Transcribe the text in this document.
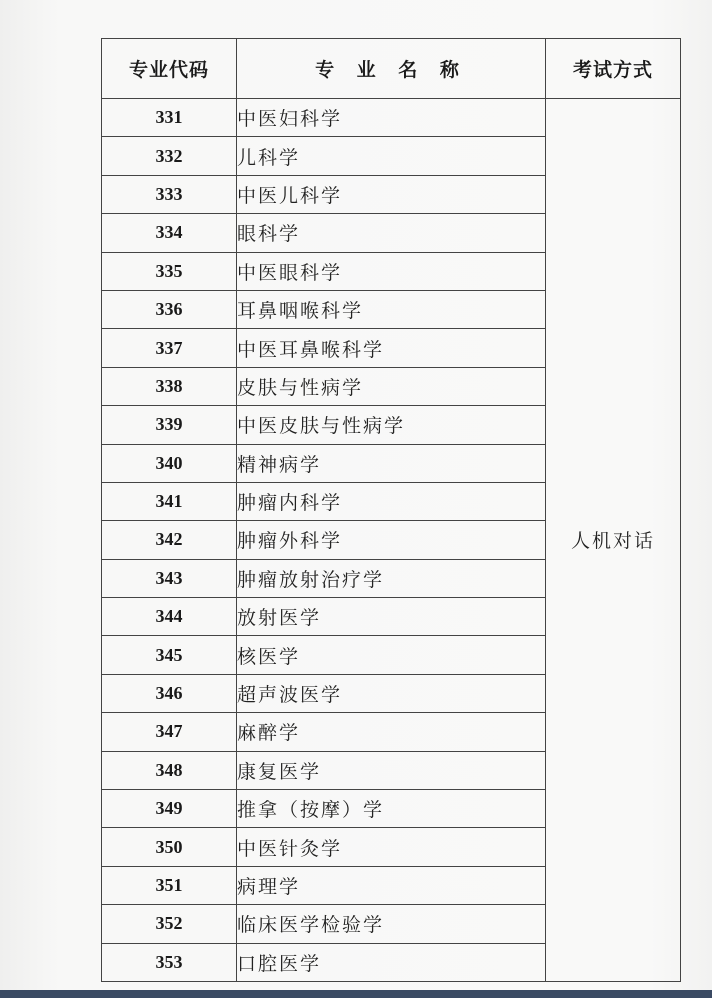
专业代码	专 业 名 称	考试方式
331	中医妇科学	人机对话
332	儿科学	
333	中医儿科学	
334	眼科学	
335	中医眼科学	
336	耳鼻咽喉科学	
337	中医耳鼻喉科学	
338	皮肤与性病学	
339	中医皮肤与性病学	
340	精神病学	
341	肿瘤内科学	
342	肿瘤外科学	
343	肿瘤放射治疗学	
344	放射医学	
345	核医学	
346	超声波医学	
347	麻醉学	
348	康复医学	
349	推拿（按摩）学	
350	中医针灸学	
351	病理学	
352	临床医学检验学	
353	口腔医学	
